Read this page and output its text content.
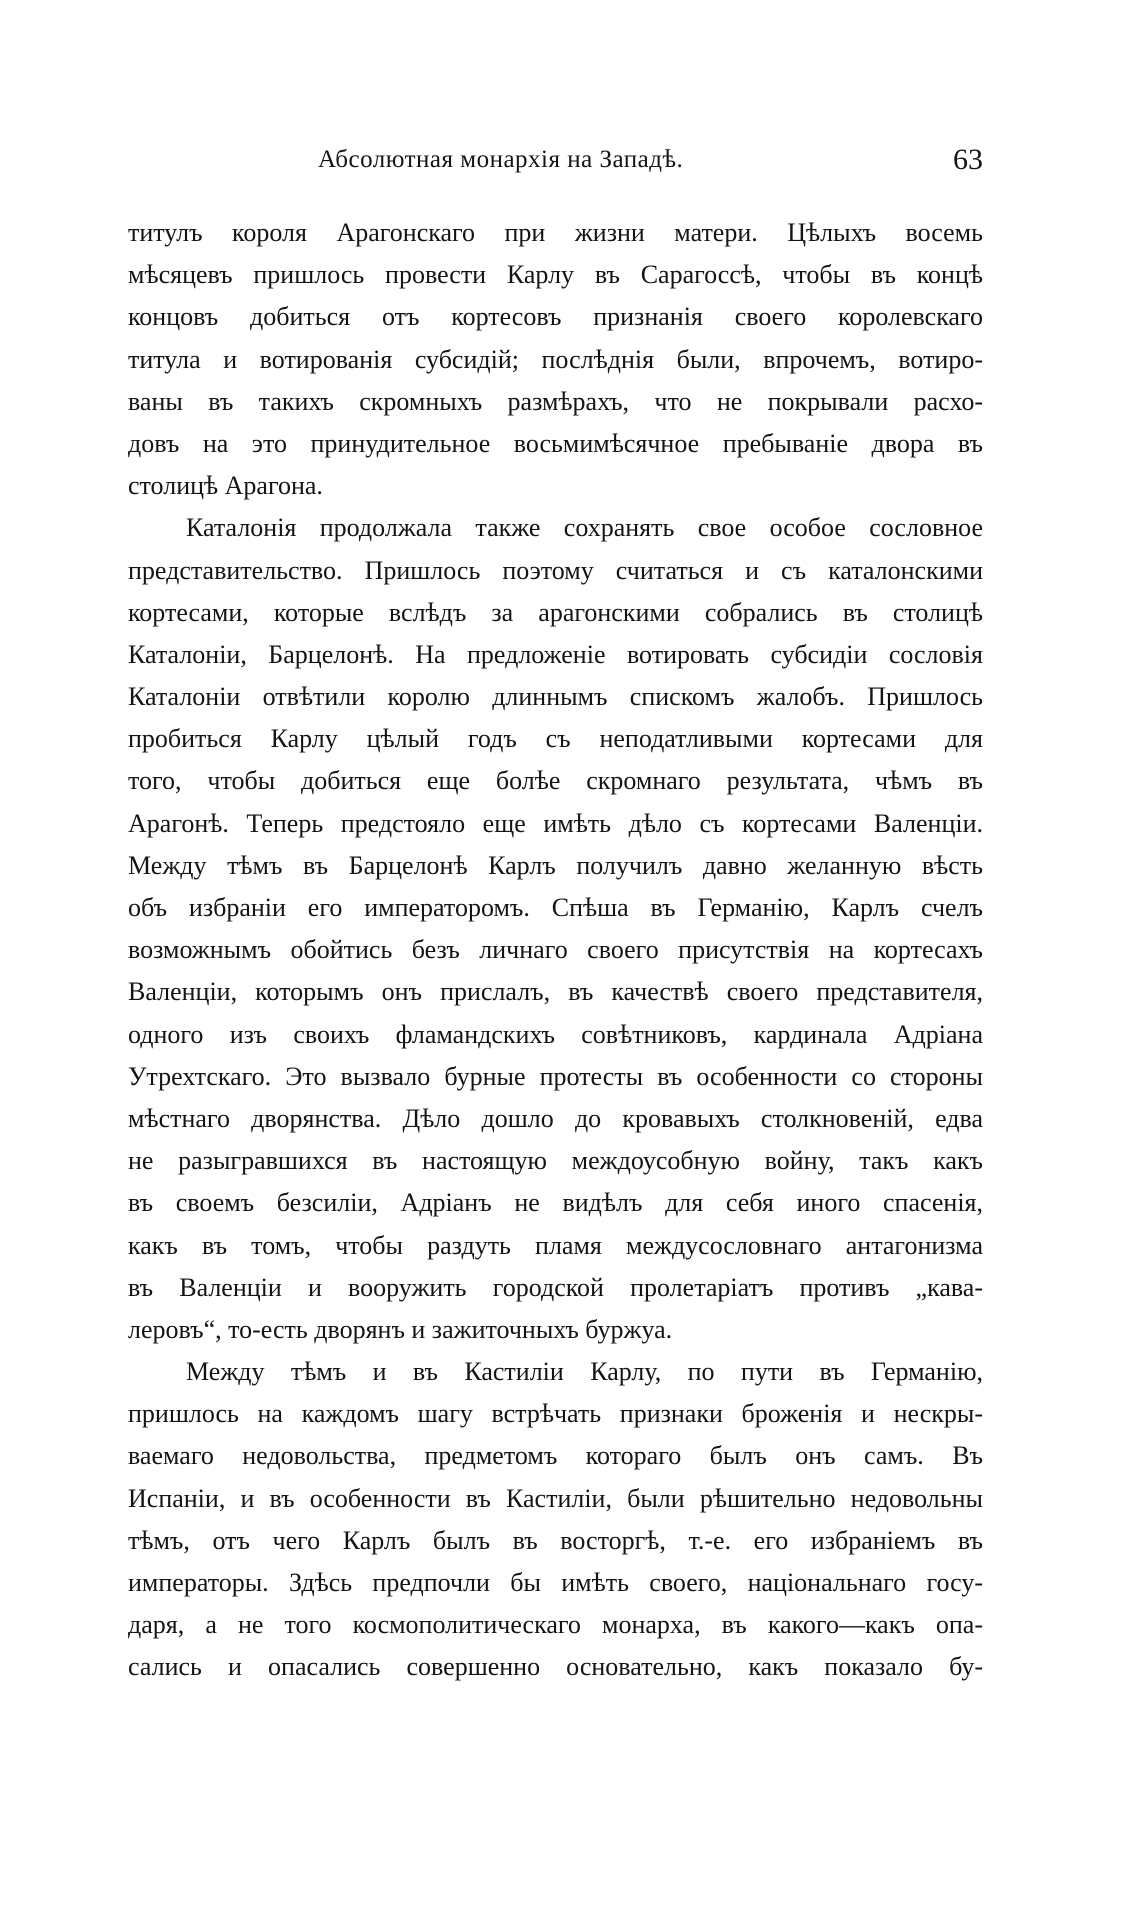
Абсолютная монархія на Западѣ.	63
титулъ короля Арагонскаго при жизни матери. Цѣлыхъ восемь
мѣсяцевъ пришлось провести Карлу въ Сарагоссѣ, чтобы въ концѣ
концовъ добиться отъ кортесовъ признанія своего королевскаго
титула и вотированія субсидій; послѣднія были, впрочемъ, вотиро-
ваны въ такихъ скромныхъ размѣрахъ, что не покрывали расхо-
довъ на это принудительное восьмимѣсячное пребываніе двора въ
столицѣ Арагона.
Каталонія продолжала также сохранять свое особое сословное
представительство. Пришлось поэтому считаться и съ каталонскими
кортесами, которые вслѣдъ за арагонскими собрались въ столицѣ
Каталоніи, Барцелонѣ. На предложеніе вотировать субсидіи сословія
Каталоніи отвѣтили королю длиннымъ спискомъ жалобъ. Пришлось
пробиться Карлу цѣлый годъ съ неподатливыми кортесами для
того, чтобы добиться еще болѣе скромнаго результата, чѣмъ въ
Арагонѣ. Теперь предстояло еще имѣть дѣло съ кортесами Валенціи.
Между тѣмъ въ Барцелонѣ Карлъ получилъ давно желанную вѣсть
объ избраніи его императоромъ. Спѣша въ Германію, Карлъ счелъ
возможнымъ обойтись безъ личнаго своего присутствія на кортесахъ
Валенціи, которымъ онъ прислалъ, въ качествѣ своего представителя,
одного изъ своихъ фламандскихъ совѣтниковъ, кардинала Адріана
Утрехтскаго. Это вызвало бурные протесты въ особенности со стороны
мѣстнаго дворянства. Дѣло дошло до кровавыхъ столкновеній, едва
не разыгравшихся въ настоящую междоусобную войну, такъ какъ
въ своемъ безсиліи, Адріанъ не видѣлъ для себя иного спасенія,
какъ въ томъ, чтобы раздуть пламя междусословнаго антагонизма
въ Валенціи и вооружить городской пролетаріатъ противъ „кава-
леровъ“, то-есть дворянъ и зажиточныхъ буржуа.
Между тѣмъ и въ Кастиліи Карлу, по пути въ Германію,
пришлось на каждомъ шагу встрѣчать признаки броженія и нескры-
ваемаго недовольства, предметомъ котораго былъ онъ самъ. Въ
Испаніи, и въ особенности въ Кастиліи, были рѣшительно недовольны
тѣмъ, отъ чего Карлъ былъ въ восторгѣ, т.-е. его избраніемъ въ
императоры. Здѣсь предпочли бы имѣть своего, національнаго госу-
даря, а не того космополитическаго монарха, въ какого—какъ опа-
сались и опасались совершенно основательно, какъ показало бу-
